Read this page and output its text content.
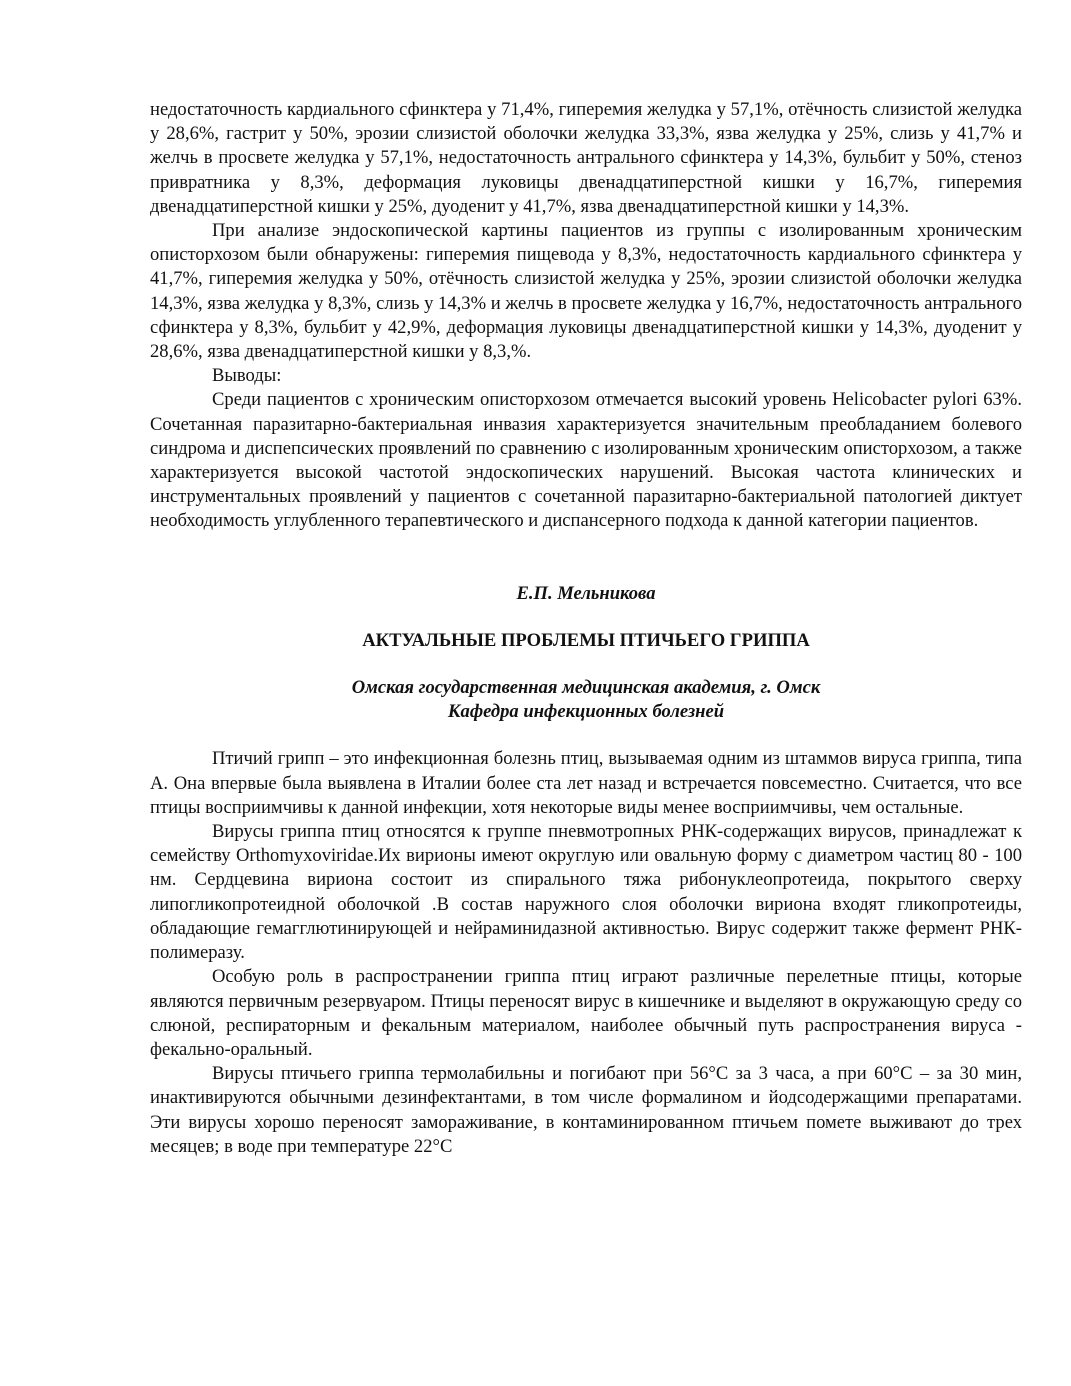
недостаточность кардиального сфинктера у 71,4%, гиперемия желудка у 57,1%, отёчность слизистой желудка у 28,6%, гастрит у 50%, эрозии слизистой оболочки желудка 33,3%, язва желудка у 25%, слизь у 41,7% и желчь в просвете желудка у 57,1%, недостаточность антрального сфинктера у 14,3%, бульбит у 50%, стеноз привратника у 8,3%, деформация луковицы двенадцатиперстной кишки у 16,7%, гиперемия двенадцатиперстной кишки у 25%, дуоденит у 41,7%, язва двенадцатиперстной кишки у 14,3%.

При анализе эндоскопической картины пациентов из группы с изолированным хроническим описторхозом были обнаружены: гиперемия пищевода у 8,3%, недостаточность кардиального сфинктера у 41,7%, гиперемия желудка у 50%, отёчность слизистой желудка у 25%, эрозии слизистой оболочки желудка 14,3%, язва желудка у 8,3%, слизь у 14,3% и желчь в просвете желудка у 16,7%, недостаточность антрального сфинктера у 8,3%, бульбит у 42,9%, деформация луковицы двенадцатиперстной кишки у 14,3%, дуоденит у 28,6%, язва двенадцатиперстной кишки у 8,3,%.

Выводы:

Среди пациентов с хроническим описторхозом отмечается высокий уровень Helicobacter pylori 63%. Сочетанная паразитарно-бактериальная инвазия характеризуется значительным преобладанием болевого синдрома и диспепсических проявлений по сравнению с изолированным хроническим описторхозом, а также характеризуется высокой частотой эндоскопических нарушений. Высокая частота клинических и инструментальных проявлений у пациентов с сочетанной паразитарно-бактериальной патологией диктует необходимость углубленного терапевтического и диспансерного подхода к данной категории пациентов.

Е.П. Мельникова

АКТУАЛЬНЫЕ ПРОБЛЕМЫ ПТИЧЬЕГО ГРИППА

Омская государственная медицинская академия, г. Омск

Кафедра инфекционных болезней

Птичий грипп – это инфекционная болезнь птиц, вызываемая одним из штаммов вируса гриппа, типа А. Она впервые была выявлена в Италии более ста лет назад и встречается повсеместно. Считается, что все птицы восприимчивы к данной инфекции, хотя некоторые виды менее восприимчивы, чем остальные.

Вирусы гриппа птиц относятся к группе пневмотропных РНК-содержащих вирусов, принадлежат к семейству Orthomyxoviridae.Их вирионы имеют округлую или овальную форму с диаметром частиц 80 - 100 нм. Сердцевина вириона состоит из спирального тяжа рибонуклеопротеида, покрытого сверху липогликопротеидной оболочкой .В состав наружного слоя оболочки вириона входят гликопротеиды, обладающие гемагглютинирующей и нейраминидазной активностью. Вирус содержит также фермент РНК-полимеразу.

Особую роль в распространении гриппа птиц играют различные перелетные птицы, которые являются первичным резервуаром. Птицы переносят вирус в кишечнике и выделяют в окружающую среду со слюной, респираторным и фекальным материалом, наиболее обычный путь распространения вируса - фекально-оральный.

Вирусы птичьего гриппа термолабильны и погибают при 56°С за 3 часа, а при 60°С – за 30 мин, инактивируются обычными дезинфектантами, в том числе формалином и йодсодержащими препаратами. Эти вирусы хорошо переносят замораживание, в контаминированном птичьем помете выживают до трех месяцев; в воде при температуре 22°С
